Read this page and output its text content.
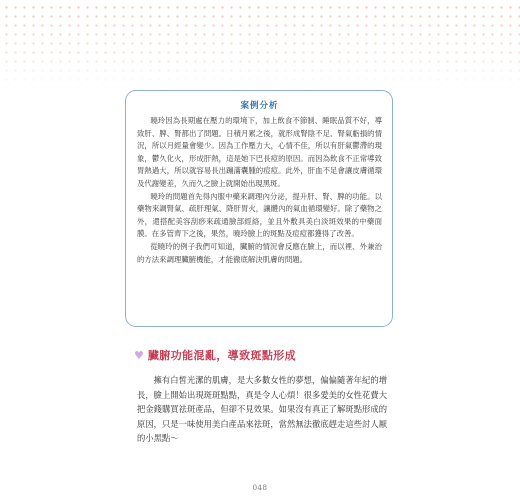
案例分析

曉玲因為長期處在壓力的環境下，加上飲食不節制、睡眠品質不好，導致肝、脾、腎都出了問題。日積月累之後，就形成腎陰不足、腎氣虧損的情況，所以月經量會變少。因為工作壓力大，心情不佳，所以有肝氣鬱滯的現象，鬱久化火，形成肝熱，這是她下巴長痘的原因。而因為飲食不正常導致胃熱過大，所以就容易長出蹦滿囊腫的痘痘。此外，肝血不足會讓皮膚循環及代謝變差，久而久之臉上就開始出現黑斑。

曉玲的問題首先得內服中藥來調理內分泌，提升肝、腎、脾的功能。以藥物來調腎氣、疏肝理氣、降肝胃火，讓體內的氣血循環變好。除了藥物之外，還搭配美容刮痧來疏通臉部經絡，並且外敷具美白淡斑效果的中藥面膜。在多管齊下之後，果然，曉玲臉上的斑點及痘痘都獲得了改善。

從曉玲的例子我們可知道，臟腑的情況會反應在臉上，而以裡、外兼治的方法來調理臟腑機能，才能徹底解決肌膚的問題。

♥ 臟腑功能混亂，導致斑點形成

擁有白皙光潔的肌膚，是大多數女性的夢想，偏偏隨著年紀的增長，臉上開始出現斑斑點點，真是令人心煩！很多愛美的女性花費大把金錢購買祛斑產品，但卻不見效果。如果沒有真正了解斑點形成的原因，只是一味使用美白產品來祛斑，當然無法徹底趕走這些討人厭的小黑點～

048
